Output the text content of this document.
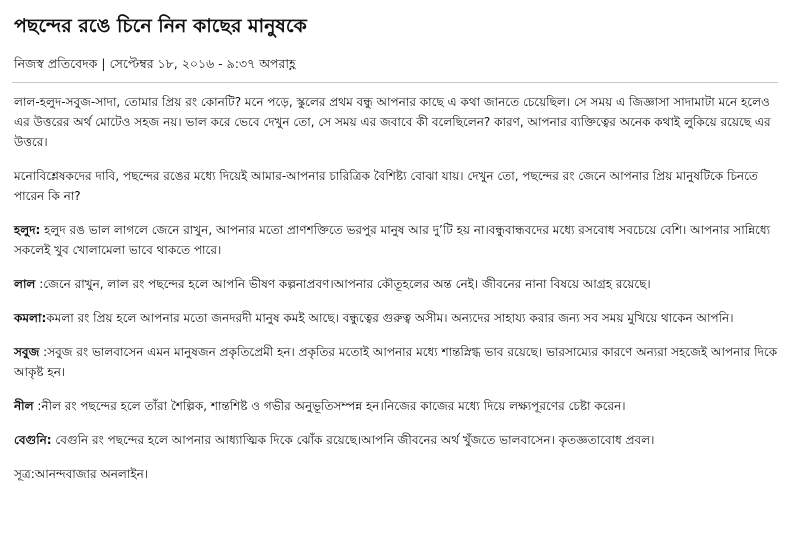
পছন্দের রঙে চিনে নিন কাছের মানুষকে
নিজস্ব প্রতিবেদক | সেপ্টেম্বর ১৮, ২০১৬ - ৯:৩৭ অপরাহ্ণ

লাল-হলুদ-সবুজ-সাদা, তোমার প্রিয় রং কোনটি? মনে পড়ে, স্কুলের প্রথম বন্ধু আপনার কাছে এ কথা জানতে চেয়েছিল। সে সময় এ জিজ্ঞাসা সাদামাটা মনে হলেও এর উত্তরের অর্থ মোটেও সহজ নয়। ভাল করে ভেবে দেখুন তো, সে সময় এর জবাবে কী বলেছিলেন? কারণ, আপনার ব্যক্তিত্বের অনেক কথাই লুকিয়ে রয়েছে এর উত্তরে।

মনোবিশ্লেষকদের দাবি, পছন্দের রঙের মধ্যে দিয়েই আমার-আপনার চারিত্রিক বৈশিষ্ট্য বোঝা যায়। দেখুন তো, পছন্দের রং জেনে আপনার প্রিয় মানুষটিকে চিনতে পারেন কি না?

হলুদ: হলুদ রঙ ভাল লাগলে জেনে রাখুন, আপনার মতো প্রাণশক্তিতে ভরপুর মানুষ আর দু’টি হয় না।বন্ধুবান্ধবদের মধ্যে রসবোধ সবচেয়ে বেশি। আপনার সান্নিধ্যে সকলেই খুব খোলামেলা ভাবে থাকতে পারে।

লাল :জেনে রাখুন, লাল রং পছন্দের হলে আপনি ভীষণ কল্পনাপ্রবণ।আপনার কৌতূহলের অন্ত নেই। জীবনের নানা বিষয়ে আগ্রহ রয়েছে।

কমলা:কমলা রং প্রিয় হলে আপনার মতো জনদরদী মানুষ কমই আছে। বন্ধুত্বের গুরুত্ব অসীম। অন্যদের সাহায্য করার জন্য সব সময় মুখিয়ে থাকেন আপনি।

সবুজ :সবুজ রং ভালবাসেন এমন মানুষজন প্রকৃতিপ্রেমী হন। প্রকৃতির মতোই আপনার মধ্যে শান্তস্নিগ্ধ ভাব রয়েছে। ভারসাম্যের কারণে অন্যরা সহজেই আপনার দিকে আকৃষ্ট হন।

নীল :নীল রং পছন্দের হলে তাঁরা শৈল্পিক, শান্তশিষ্ট ও গভীর অনুভূতিসম্পন্ন হন।নিজের কাজের মধ্যে দিয়ে লক্ষ্যপূরণের চেষ্টা করেন।

বেগুনি: বেগুনি রং পছন্দের হলে আপনার আধ্যাত্মিক দিকে ঝোঁক রয়েছে।আপনি জীবনের অর্থ খুঁজতে ভালবাসেন। কৃতজ্ঞতাবোধ প্রবল।

সূত্র:আনন্দবাজার অনলাইন।
